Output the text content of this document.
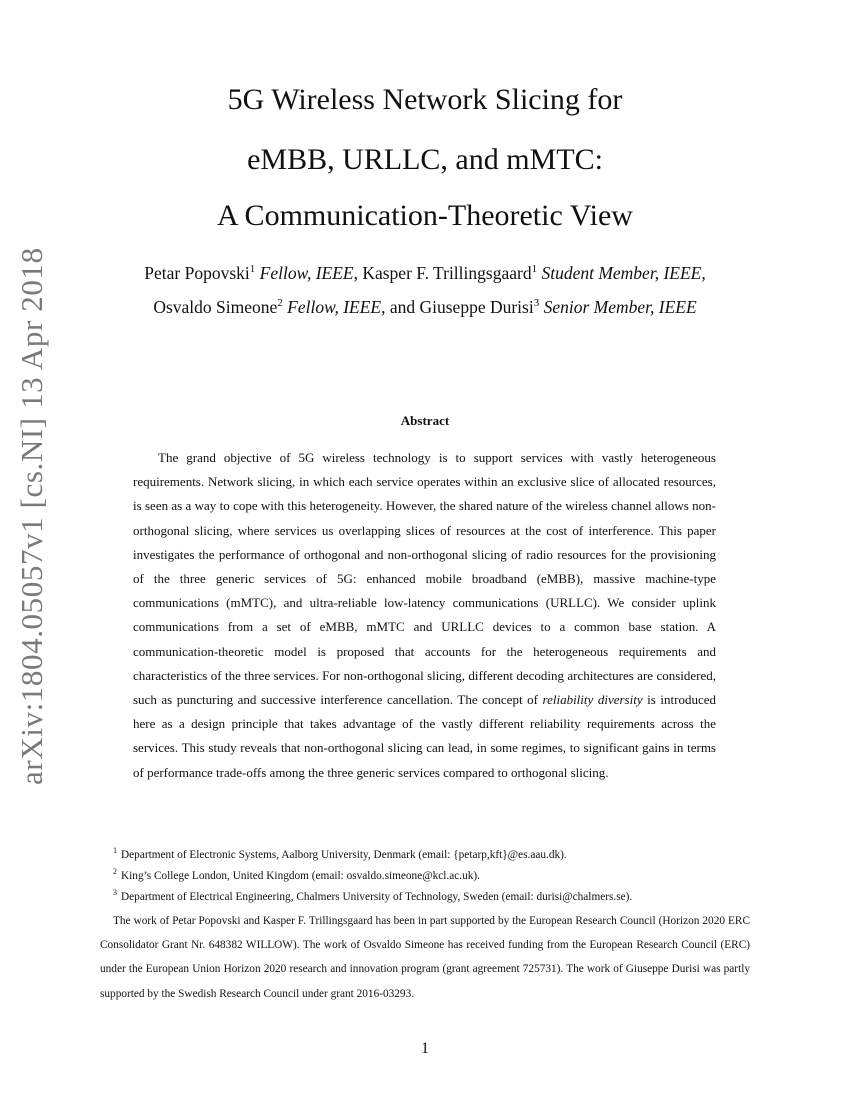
arXiv:1804.05057v1 [cs.NI] 13 Apr 2018
5G Wireless Network Slicing for
eMBB, URLLC, and mMTC:
A Communication-Theoretic View
Petar Popovski$^1$ Fellow, IEEE, Kasper F. Trillingsgaard$^1$ Student Member, IEEE,
Osvaldo Simeone$^2$ Fellow, IEEE, and Giuseppe Durisi$^3$ Senior Member, IEEE
Abstract

The grand objective of 5G wireless technology is to support services with vastly heterogeneous requirements. Network slicing, in which each service operates within an exclusive slice of allocated resources, is seen as a way to cope with this heterogeneity. However, the shared nature of the wireless channel allows non-orthogonal slicing, where services us overlapping slices of resources at the cost of interference. This paper investigates the performance of orthogonal and non-orthogonal slicing of radio resources for the provisioning of the three generic services of 5G: enhanced mobile broadband (eMBB), massive machine-type communications (mMTC), and ultra-reliable low-latency communications (URLLC). We consider uplink communications from a set of eMBB, mMTC and URLLC devices to a common base station. A communication-theoretic model is proposed that accounts for the heterogeneous requirements and characteristics of the three services. For non-orthogonal slicing, different decoding architectures are considered, such as puncturing and successive interference cancellation. The concept of reliability diversity is introduced here as a design principle that takes advantage of the vastly different reliability requirements across the services. This study reveals that non-orthogonal slicing can lead, in some regimes, to significant gains in terms of performance trade-offs among the three generic services compared to orthogonal slicing.

$^1$ Department of Electronic Systems, Aalborg University, Denmark (email: {petarp,kft}@es.aau.dk).
$^2$ King’s College London, United Kingdom (email: osvaldo.simeone@kcl.ac.uk).
$^3$ Department of Electrical Engineering, Chalmers University of Technology, Sweden (email: durisi@chalmers.se).

The work of Petar Popovski and Kasper F. Trillingsgaard has been in part supported by the European Research Council (Horizon 2020 ERC Consolidator Grant Nr. 648382 WILLOW). The work of Osvaldo Simeone has received funding from the European Research Council (ERC) under the European Union Horizon 2020 research and innovation program (grant agreement 725731). The work of Giuseppe Durisi was partly supported by the Swedish Research Council under grant 2016-03293.

1
